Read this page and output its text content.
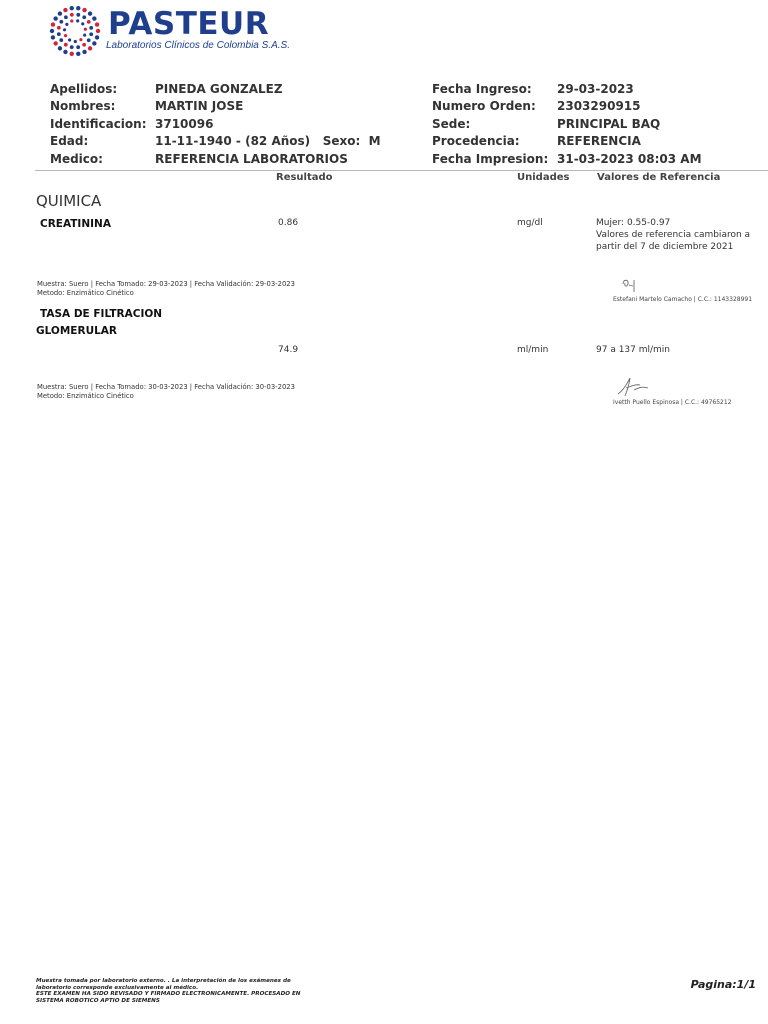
PASTEUR
Laboratorios Clínicos de Colombia S.A.S.
Apellidos:	PINEDA GONZALEZ
Nombres:	MARTIN JOSE
Identificacion: 3710096
Edad:	11-11-1940 - (82 Años)   Sexo:  M
Medico:	REFERENCIA LABORATORIOS
Fecha Ingreso: 29-03-2023
Numero Orden: 2303290915
Sede:	PRINCIPAL BAQ
Procedencia:	REFERENCIA
Fecha Impresion: 31-03-2023 08:03 AM
Resultado	Unidades	Valores de Referencia
QUIMICA
CREATININA	0.86	mg/dl	Mujer: 0.55-0.97
Valores de referencia cambiaron a
partir del 7 de diciembre 2021
Muestra: Suero | Fecha Tomado: 29-03-2023 | Fecha Validación: 29-03-2023
Metodo: Enzimático Cinético
Estefani Martelo Camacho | C.C.: 1143328991
TASA DE FILTRACION
GLOMERULAR
74.9	ml/min	97 a 137 ml/min
Muestra: Suero | Fecha Tomado: 30-03-2023 | Fecha Validación: 30-03-2023
Metodo: Enzimático Cinético
Ivetth Puello Espinosa | C.C.: 49765212
Muestra tomada por laboratorio externo. . La interpretación de los exámenes de
laboratorio corresponde exclusivamente al médico.
ESTE EXAMEN HA SIDO REVISADO Y FIRMADO ELECTRONICAMENTE. PROCESADO EN
SISTEMA ROBOTICO APTIO DE SIEMENS
Pagina:1/1
